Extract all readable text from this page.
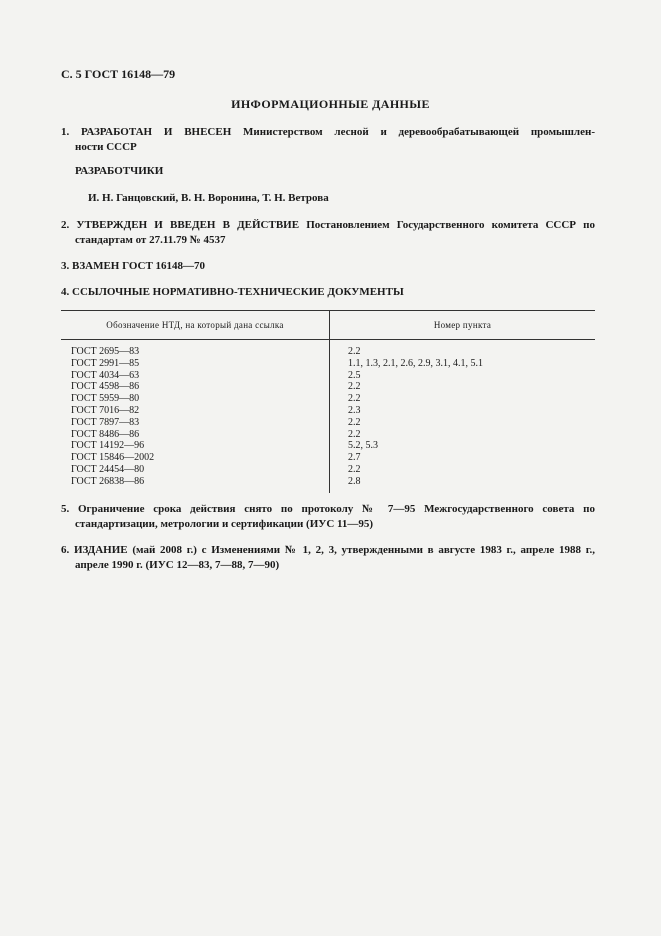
С. 5 ГОСТ 16148—79
ИНФОРМАЦИОННЫЕ ДАННЫЕ
1. РАЗРАБОТАН И ВНЕСЕН Министерством лесной и деревообрабатывающей промышлен-
ности СССР
РАЗРАБОТЧИКИ
И. Н. Ганцовский, В. Н. Воронина, Т. Н. Ветрова
2. УТВЕРЖДЕН И ВВЕДЕН В ДЕЙСТВИЕ Постановлением Государственного комитета СССР по
стандартам от 27.11.79 № 4537
3. ВЗАМЕН ГОСТ 16148—70
4. ССЫЛОЧНЫЕ НОРМАТИВНО-ТЕХНИЧЕСКИЕ ДОКУМЕНТЫ
Обозначение НТД, на который дана ссылка	Номер пункта
ГОСТ 2695—83
ГОСТ 2991—85
ГОСТ 4034—63
ГОСТ 4598—86
ГОСТ 5959—80
ГОСТ 7016—82
ГОСТ 7897—83
ГОСТ 8486—86
ГОСТ 14192—96
ГОСТ 15846—2002
ГОСТ 24454—80
ГОСТ 26838—86
2.2
1.1, 1.3, 2.1, 2.6, 2.9, 3.1, 4.1, 5.1
2.5
2.2
2.2
2.3
2.2
2.2
5.2, 5.3
2.7
2.2
2.8
5. Ограничение срока действия снято по протоколу № 7—95 Межгосударственного совета по
стандартизации, метрологии и сертификации (ИУС 11—95)
6. ИЗДАНИЕ (май 2008 г.) с Изменениями № 1, 2, 3, утвержденными в августе 1983 г., апреле 1988 г.,
апреле 1990 г. (ИУС 12—83, 7—88, 7—90)
